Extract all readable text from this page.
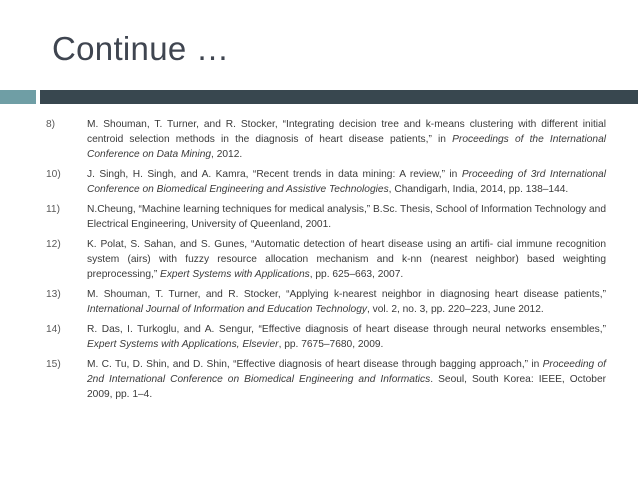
Continue …
8)	M. Shouman, T. Turner, and R. Stocker, “Integrating decision tree and k-means clustering with different initial centroid selection methods in the diagnosis of heart disease patients,” in Proceedings of the International Conference on Data Mining, 2012.
10)	J. Singh, H. Singh, and A. Kamra, “Recent trends in data mining: A review,” in Proceeding of 3rd International Conference on Biomedical Engineering and Assistive Technologies, Chandigarh, India, 2014, pp. 138–144.
11)	N.Cheung, “Machine learning techniques for medical analysis,” B.Sc. Thesis, School of Information Technology and Electrical Engineering, University of Queenland, 2001.
12)	K. Polat, S. Sahan, and S. Gunes, “Automatic detection of heart disease using an artifi- cial immune recognition system (airs) with fuzzy resource allocation mechanism and k-nn (nearest neighbor) based weighting preprocessing,” Expert Systems with Applications, pp. 625–663, 2007.
13)	M. Shouman, T. Turner, and R. Stocker, “Applying k-nearest neighbor in diagnosing heart disease patients,” International Journal of Information and Education Technology, vol. 2, no. 3, pp. 220–223, June 2012.
14)	R. Das, I. Turkoglu, and A. Sengur, “Effective diagnosis of heart disease through neural networks ensembles,” Expert Systems with Applications, Elsevier, pp. 7675–7680, 2009.
15)	M. C. Tu, D. Shin, and D. Shin, “Effective diagnosis of heart disease through bagging approach,” in Proceeding of 2nd International Conference on Biomedical Engineering and Informatics. Seoul, South Korea: IEEE, October 2009, pp. 1–4.
